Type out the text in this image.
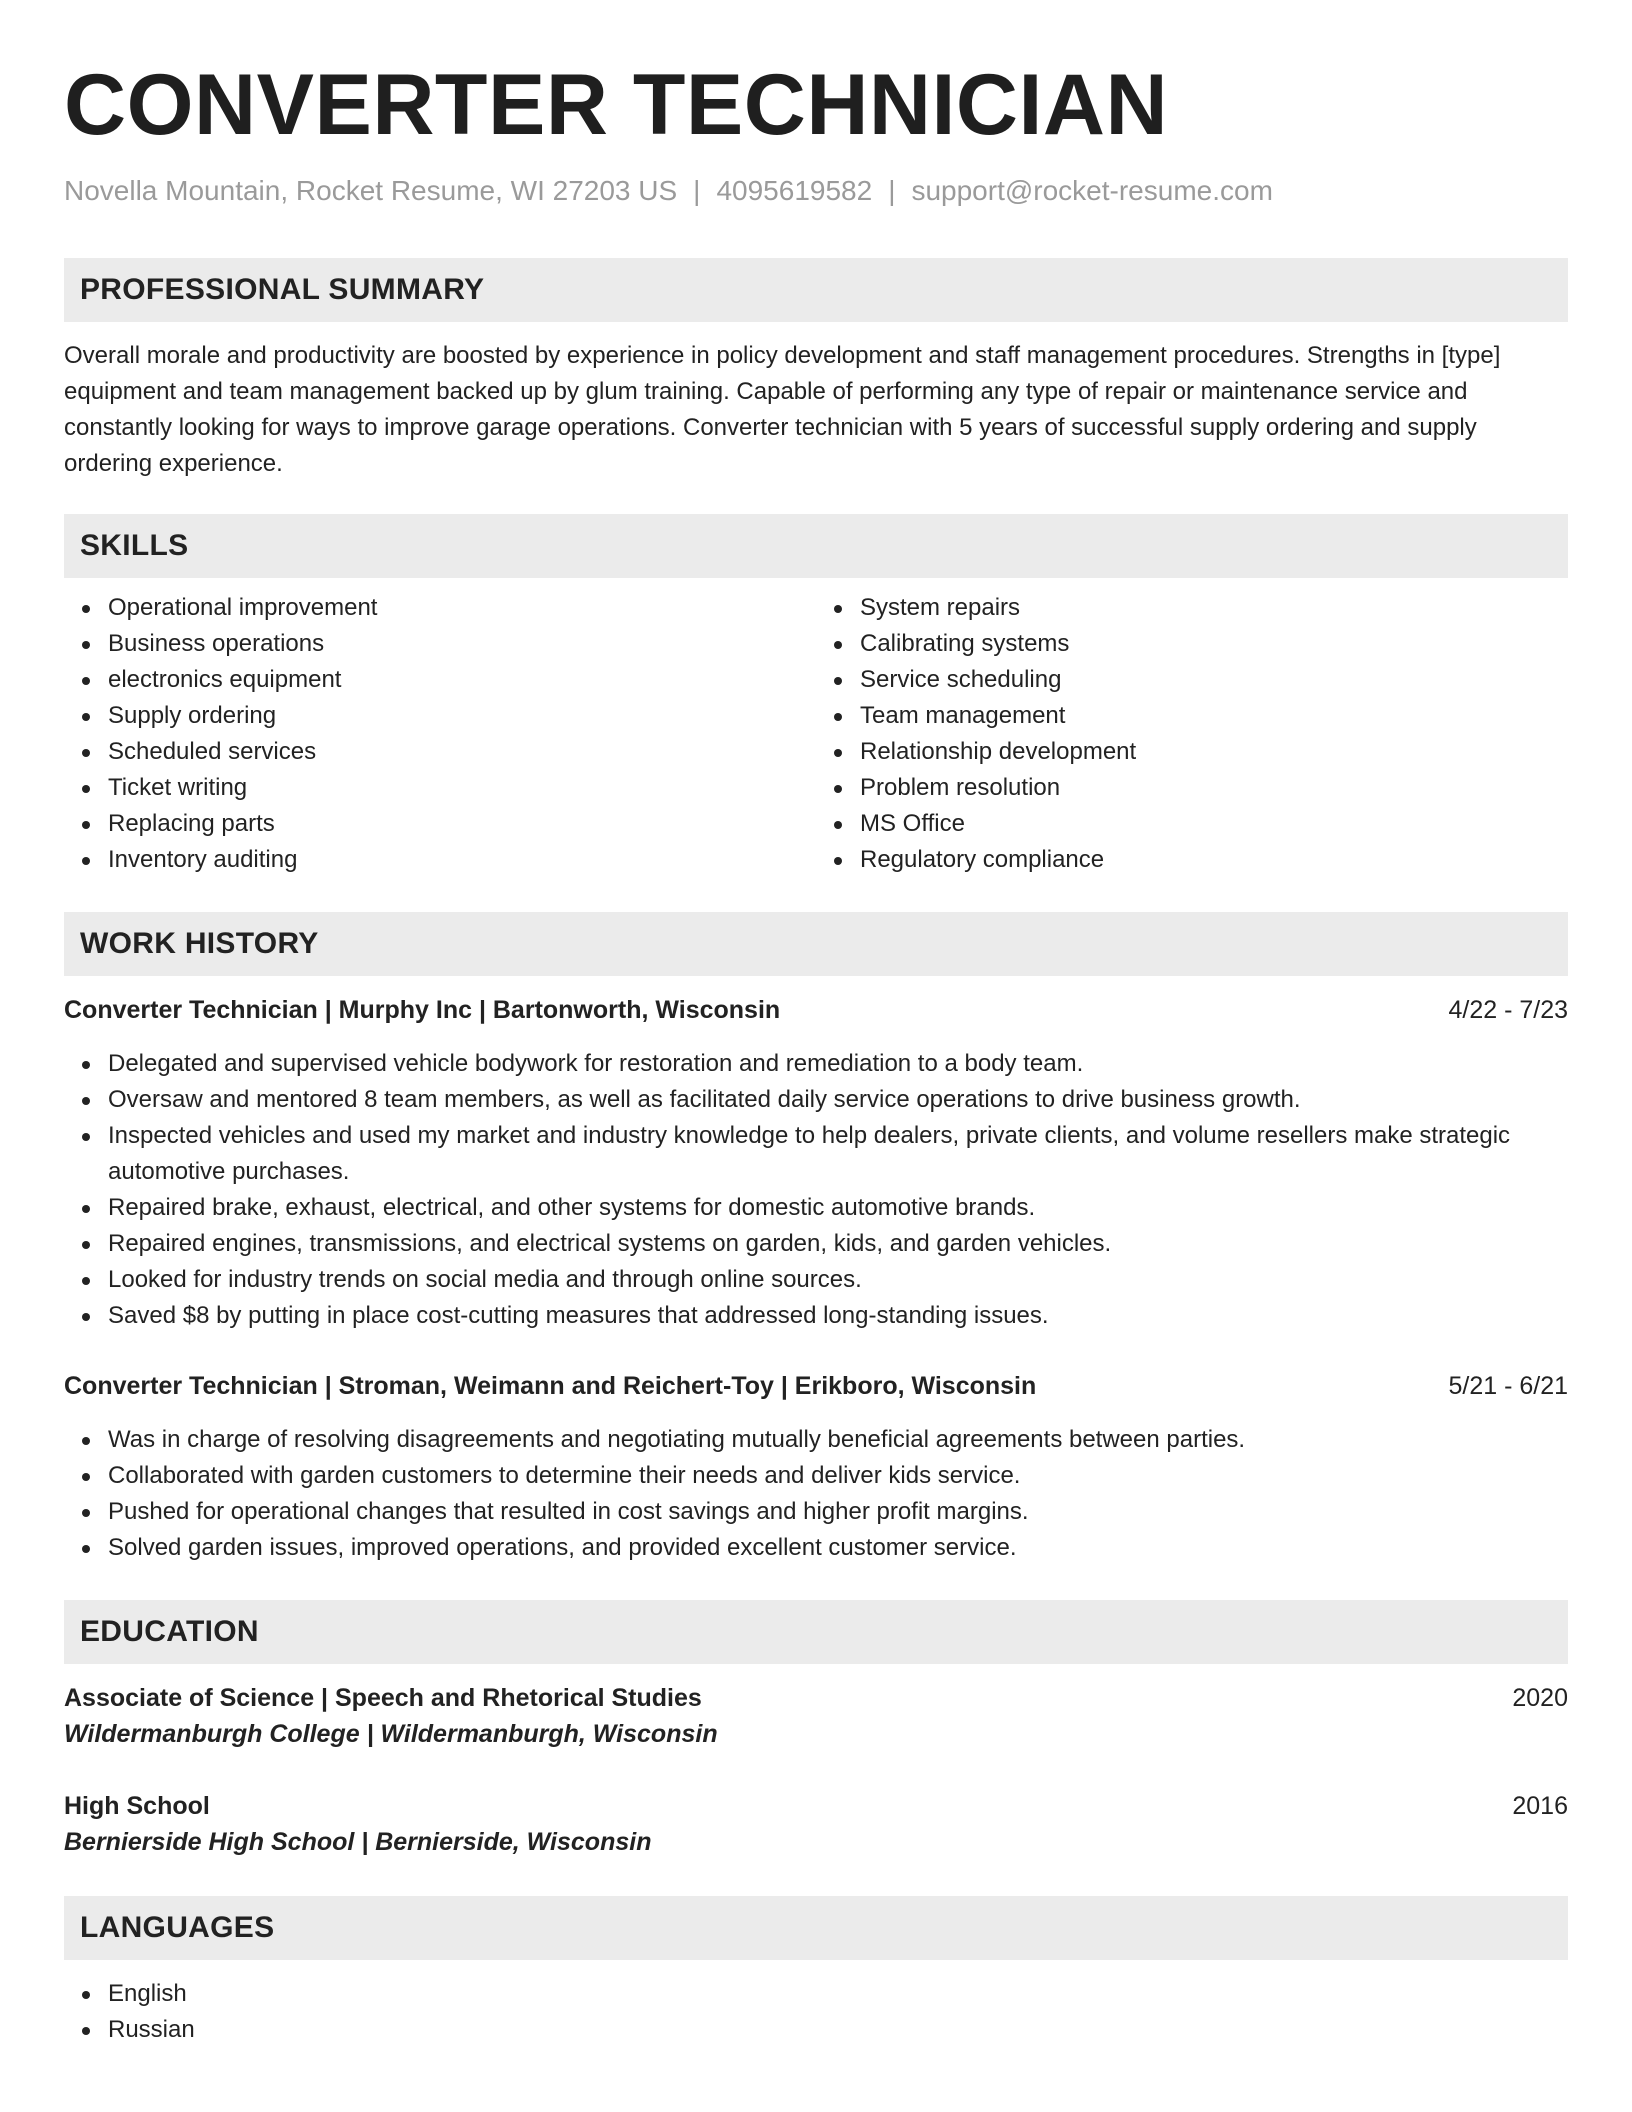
CONVERTER TECHNICIAN
Novella Mountain, Rocket Resume, WI 27203 US | 4095619582 | support@rocket-resume.com
PROFESSIONAL SUMMARY

Overall morale and productivity are boosted by experience in policy development and staff management procedures. Strengths in [type] equipment and team management backed up by glum training. Capable of performing any type of repair or maintenance service and constantly looking for ways to improve garage operations. Converter technician with 5 years of successful supply ordering and supply ordering experience.

SKILLS
Operational improvement
Business operations
electronics equipment
Supply ordering
Scheduled services
Ticket writing
Replacing parts
Inventory auditing
System repairs
Calibrating systems
Service scheduling
Team management
Relationship development
Problem resolution
MS Office
Regulatory compliance
WORK HISTORY
Converter Technician | Murphy Inc | Bartonworth, Wisconsin	4/22 - 7/23
Delegated and supervised vehicle bodywork for restoration and remediation to a body team.
Oversaw and mentored 8 team members, as well as facilitated daily service operations to drive business growth.
Inspected vehicles and used my market and industry knowledge to help dealers, private clients, and volume resellers make strategic automotive purchases.
Repaired brake, exhaust, electrical, and other systems for domestic automotive brands.
Repaired engines, transmissions, and electrical systems on garden, kids, and garden vehicles.
Looked for industry trends on social media and through online sources.
Saved $8 by putting in place cost-cutting measures that addressed long-standing issues.
Converter Technician | Stroman, Weimann and Reichert-Toy | Erikboro, Wisconsin	5/21 - 6/21
Was in charge of resolving disagreements and negotiating mutually beneficial agreements between parties.
Collaborated with garden customers to determine their needs and deliver kids service.
Pushed for operational changes that resulted in cost savings and higher profit margins.
Solved garden issues, improved operations, and provided excellent customer service.
EDUCATION
Associate of Science | Speech and Rhetorical Studies	2020
Wildermanburgh College | Wildermanburgh, Wisconsin
High School	2016
Bernierside High School | Bernierside, Wisconsin
LANGUAGES
English
Russian
